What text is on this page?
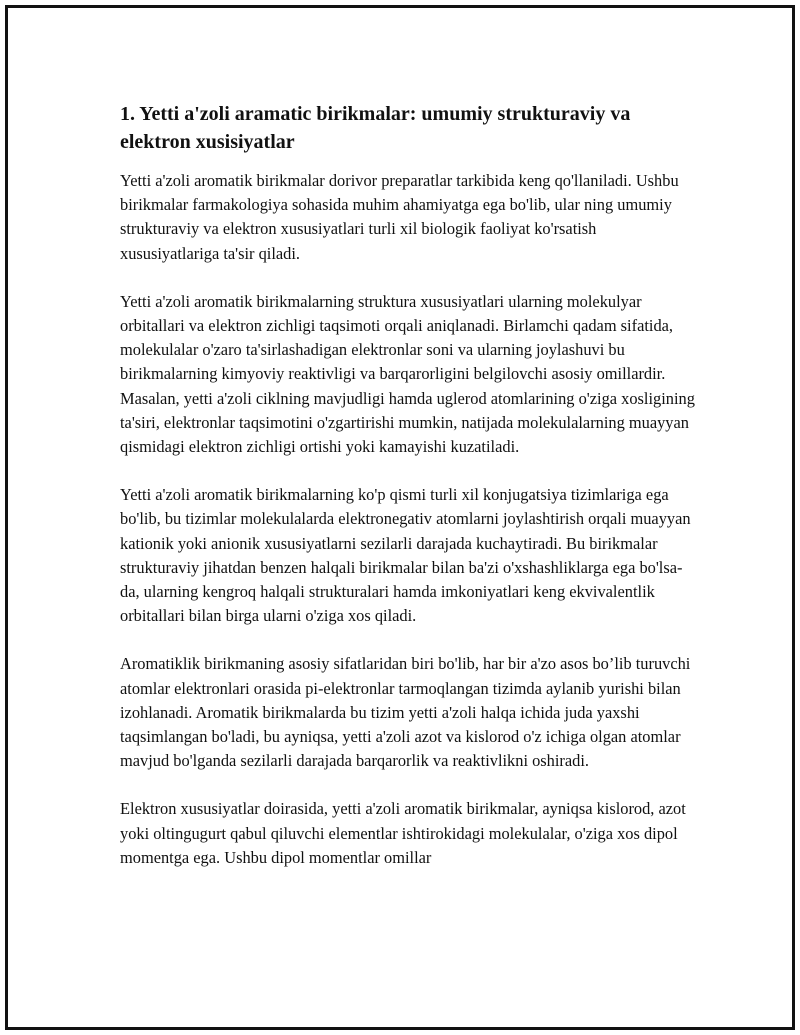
1. Yetti a'zoli aramatic birikmalar: umumiy strukturaviy va elektron xusisiyatlar

Yetti a'zoli aromatik birikmalar dorivor preparatlar tarkibida keng qo'llaniladi. Ushbu birikmalar farmakologiya sohasida muhim ahamiyatga ega bo'lib, ular ning umumiy strukturaviy va elektron xususiyatlari turli xil biologik faoliyat ko'rsatish xususiyatlariga ta'sir qiladi.

Yetti a'zoli aromatik birikmalarning struktura xususiyatlari ularning molekulyar orbitallari va elektron zichligi taqsimoti orqali aniqlanadi. Birlamchi qadam sifatida, molekulalar o'zaro ta'sirlashadigan elektronlar soni va ularning joylashuvi bu birikmalarning kimyoviy reaktivligi va barqarorligini belgilovchi asosiy omillardir. Masalan, yetti a'zoli ciklning mavjudligi hamda uglerod atomlarining o'ziga xosligining ta'siri, elektronlar taqsimotini o'zgartirishi mumkin, natijada molekulalarning muayyan qismidagi elektron zichligi ortishi yoki kamayishi kuzatiladi.

Yetti a'zoli aromatik birikmalarning ko'p qismi turli xil konjugatsiya tizimlariga ega bo'lib, bu tizimlar molekulalarda elektronegativ atomlarni joylashtirish orqali muayyan kationik yoki anionik xususiyatlarni sezilarli darajada kuchaytiradi. Bu birikmalar strukturaviy jihatdan benzen halqali birikmalar bilan ba'zi o'xshashliklarga ega bo'lsa-da, ularning kengroq halqali strukturalari hamda imkoniyatlari keng ekvivalentlik orbitallari bilan birga ularni o'ziga xos qiladi.

Aromatiklik birikmaning asosiy sifatlaridan biri bo'lib, har bir a'zo asos bo’lib turuvchi atomlar elektronlari orasida pi-elektronlar tarmoqlangan tizimda aylanib yurishi bilan izohlanadi. Aromatik birikmalarda bu tizim yetti a'zoli halqa ichida juda yaxshi taqsimlangan bo'ladi, bu ayniqsa, yetti a'zoli azot va kislorod o'z ichiga olgan atomlar mavjud bo'lganda sezilarli darajada barqarorlik va reaktivlikni oshiradi.

Elektron xususiyatlar doirasida, yetti a'zoli aromatik birikmalar, ayniqsa kislorod, azot yoki oltingugurt qabul qiluvchi elementlar ishtirokidagi molekulalar, o'ziga xos dipol momentga ega. Ushbu dipol momentlar omillar
